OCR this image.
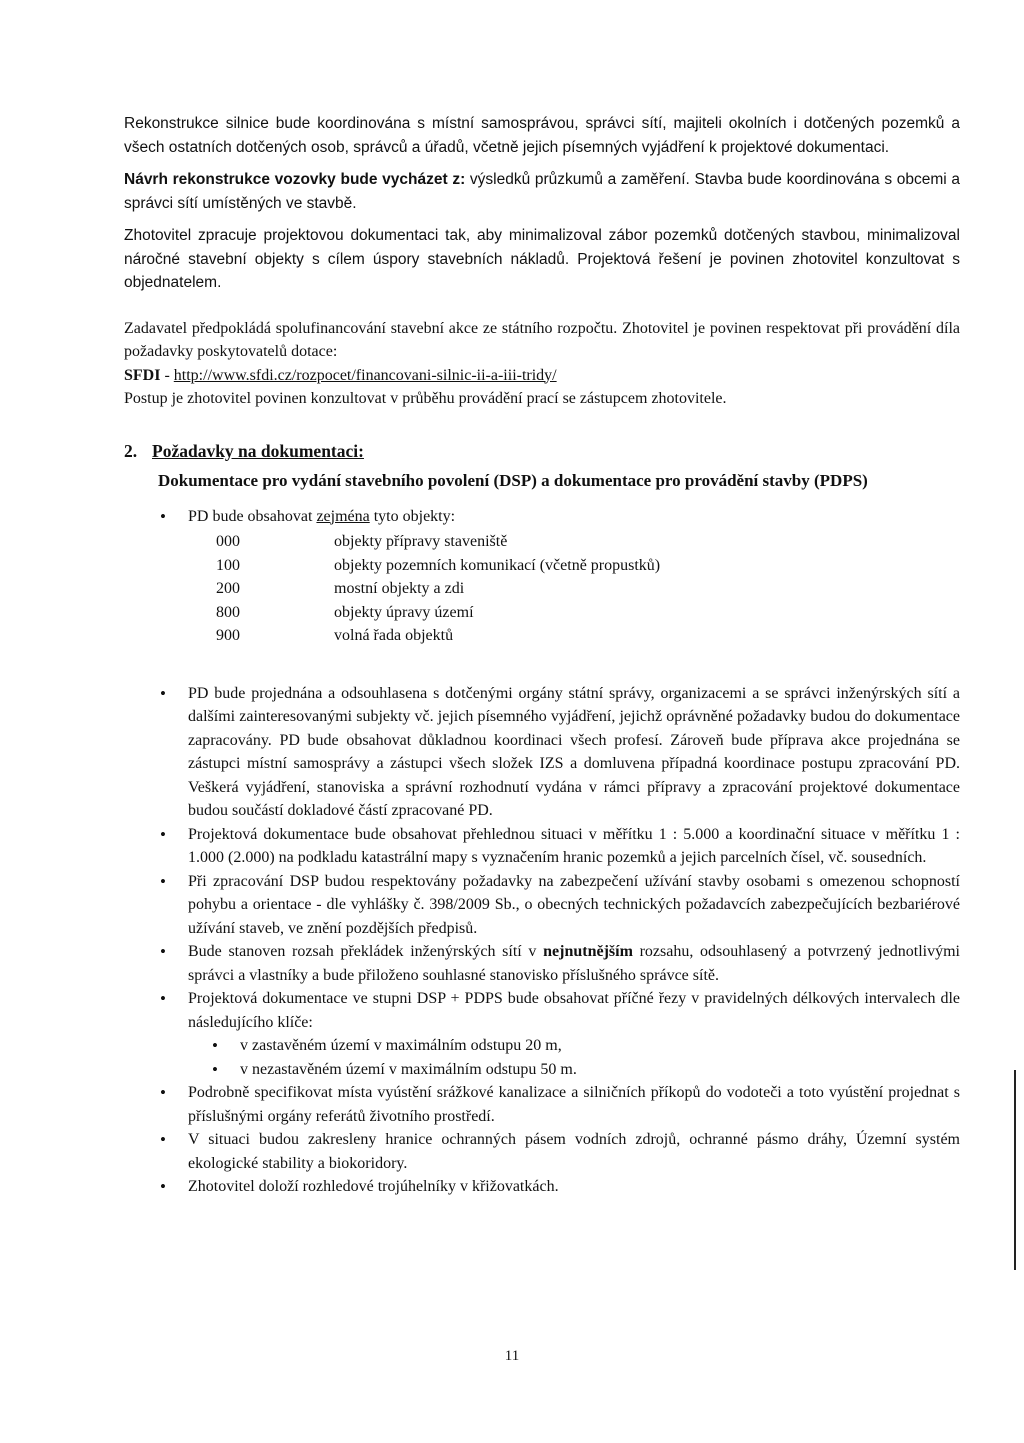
Rekonstrukce silnice bude koordinována s místní samosprávou, správci sítí, majiteli okolních i dotčených pozemků a všech ostatních dotčených osob, správců a úřadů, včetně jejich písemných vyjádření k projektové dokumentaci.

Návrh rekonstrukce vozovky bude vycházet z: výsledků průzkumů a zaměření. Stavba bude koordinována s obcemi a správci sítí umístěných ve stavbě.

Zhotovitel zpracuje projektovou dokumentaci tak, aby minimalizoval zábor pozemků dotčených stavbou, minimalizoval náročné stavební objekty s cílem úspory stavebních nákladů. Projektová řešení je povinen zhotovitel konzultovat s objednatelem.

Zadavatel předpokládá spolufinancování stavební akce ze státního rozpočtu. Zhotovitel je povinen respektovat při provádění díla požadavky poskytovatelů dotace:

SFDI - http://www.sfdi.cz/rozpocet/financovani-silnic-ii-a-iii-tridy/

Postup je zhotovitel povinen konzultovat v průběhu provádění prací se zástupcem zhotovitele.

2. Požadavky na dokumentaci:
Dokumentace pro vydání stavebního povolení (DSP) a dokumentace pro provádění stavby (PDPS)
• PD bude obsahovat zejména tyto objekty:
000	objekty přípravy staveniště
100	objekty pozemních komunikací (včetně propustků)
200	mostní objekty a zdi
800	objekty úpravy území
900	volná řada objektů
• PD bude projednána a odsouhlasena s dotčenými orgány státní správy, organizacemi a se správci inženýrských sítí a dalšími zainteresovanými subjekty vč. jejich písemného vyjádření, jejichž oprávněné požadavky budou do dokumentace zapracovány. PD bude obsahovat důkladnou koordinaci všech profesí. Zároveň bude příprava akce projednána se zástupci místní samosprávy a zástupci všech složek IZS a domluvena případná koordinace postupu zpracování PD. Veškerá vyjádření, stanoviska a správní rozhodnutí vydána v rámci přípravy a zpracování projektové dokumentace budou součástí dokladové částí zpracované PD.
• Projektová dokumentace bude obsahovat přehlednou situaci v měřítku 1 : 5.000 a koordinační situace v měřítku 1 : 1.000 (2.000) na podkladu katastrální mapy s vyznačením hranic pozemků a jejich parcelních čísel, vč. sousedních.
• Při zpracování DSP budou respektovány požadavky na zabezpečení užívání stavby osobami s omezenou schopností pohybu a orientace - dle vyhlášky č. 398/2009 Sb., o obecných technických požadavcích zabezpečujících bezbariérové užívání staveb, ve znění pozdějších předpisů.
• Bude stanoven rozsah překládek inženýrských sítí v nejnutnějším rozsahu, odsouhlasený a potvrzený jednotlivými správci a vlastníky a bude přiloženo souhlasné stanovisko příslušného správce sítě.
• Projektová dokumentace ve stupni DSP + PDPS bude obsahovat příčné řezy v pravidelných délkových intervalech dle následujícího klíče:
• v zastavěném území v maximálním odstupu 20 m,
• v nezastavěném území v maximálním odstupu 50 m.
• Podrobně specifikovat místa vyústění srážkové kanalizace a silničních příkopů do vodoteči a toto vyústění projednat s příslušnými orgány referátů životního prostředí.
• V situaci budou zakresleny hranice ochranných pásem vodních zdrojů, ochranné pásmo dráhy, Územní systém ekologické stability a biokoridory.
• Zhotovitel doloží rozhledové trojúhelníky v křižovatkách.
11
